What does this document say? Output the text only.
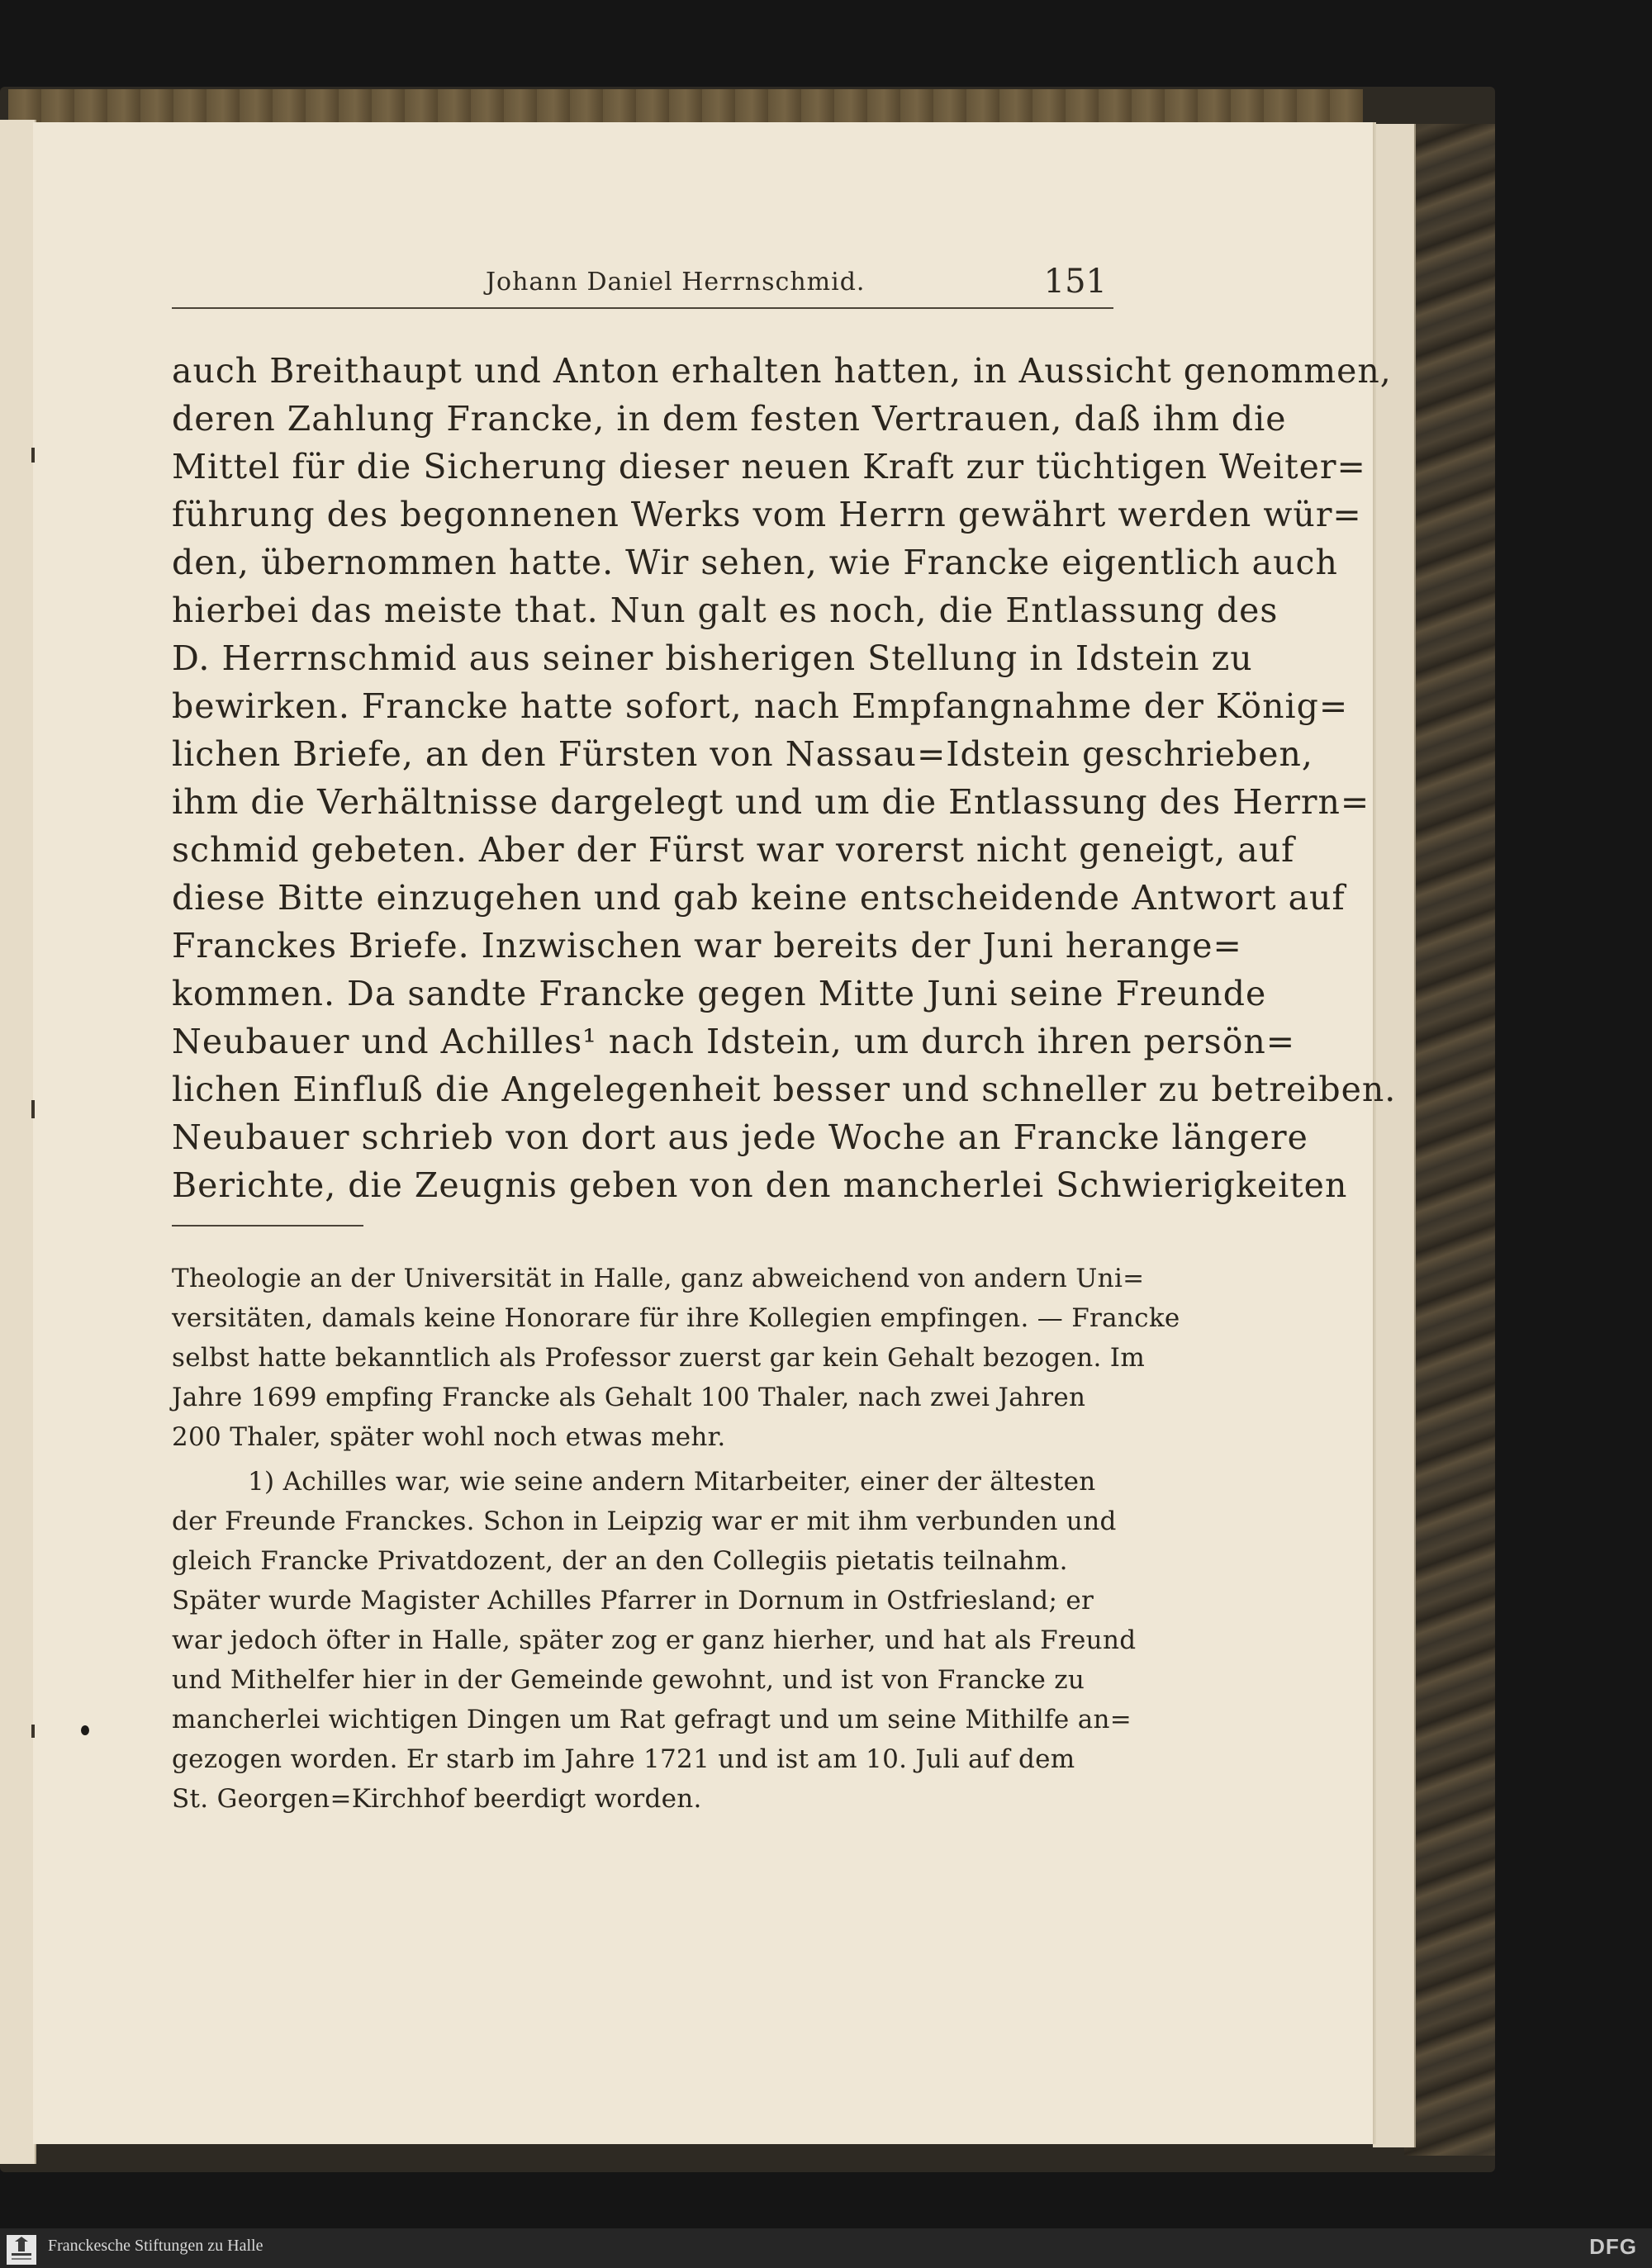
Johann Daniel Herrnschmid.	151
auch Breithaupt und Anton erhalten hatten, in Aussicht genommen,
deren Zahlung Francke, in dem festen Vertrauen, daß ihm die
Mittel für die Sicherung dieser neuen Kraft zur tüchtigen Weiter=
führung des begonnenen Werks vom Herrn gewährt werden wür=
den, übernommen hatte. Wir sehen, wie Francke eigentlich auch
hierbei das meiste that. Nun galt es noch, die Entlassung des
D. Herrnschmid aus seiner bisherigen Stellung in Idstein zu
bewirken. Francke hatte sofort, nach Empfangnahme der König=
lichen Briefe, an den Fürsten von Nassau=Idstein geschrieben,
ihm die Verhältnisse dargelegt und um die Entlassung des Herrn=
schmid gebeten. Aber der Fürst war vorerst nicht geneigt, auf
diese Bitte einzugehen und gab keine entscheidende Antwort auf
Franckes Briefe. Inzwischen war bereits der Juni herange=
kommen. Da sandte Francke gegen Mitte Juni seine Freunde
Neubauer und Achilles¹ nach Idstein, um durch ihren persön=
lichen Einfluß die Angelegenheit besser und schneller zu betreiben.
Neubauer schrieb von dort aus jede Woche an Francke längere
Berichte, die Zeugnis geben von den mancherlei Schwierigkeiten
Theologie an der Universität in Halle, ganz abweichend von andern Uni=
versitäten, damals keine Honorare für ihre Kollegien empfingen. — Francke
selbst hatte bekanntlich als Professor zuerst gar kein Gehalt bezogen. Im
Jahre 1699 empfing Francke als Gehalt 100 Thaler, nach zwei Jahren
200 Thaler, später wohl noch etwas mehr.
1) Achilles war, wie seine andern Mitarbeiter, einer der ältesten
der Freunde Franckes. Schon in Leipzig war er mit ihm verbunden und
gleich Francke Privatdozent, der an den Collegiis pietatis teilnahm.
Später wurde Magister Achilles Pfarrer in Dornum in Ostfriesland; er
war jedoch öfter in Halle, später zog er ganz hierher, und hat als Freund
und Mithelfer hier in der Gemeinde gewohnt, und ist von Francke zu
mancherlei wichtigen Dingen um Rat gefragt und um seine Mithilfe an=
gezogen worden. Er starb im Jahre 1721 und ist am 10. Juli auf dem
St. Georgen=Kirchhof beerdigt worden.
Franckesche Stiftungen zu Halle	DFG
